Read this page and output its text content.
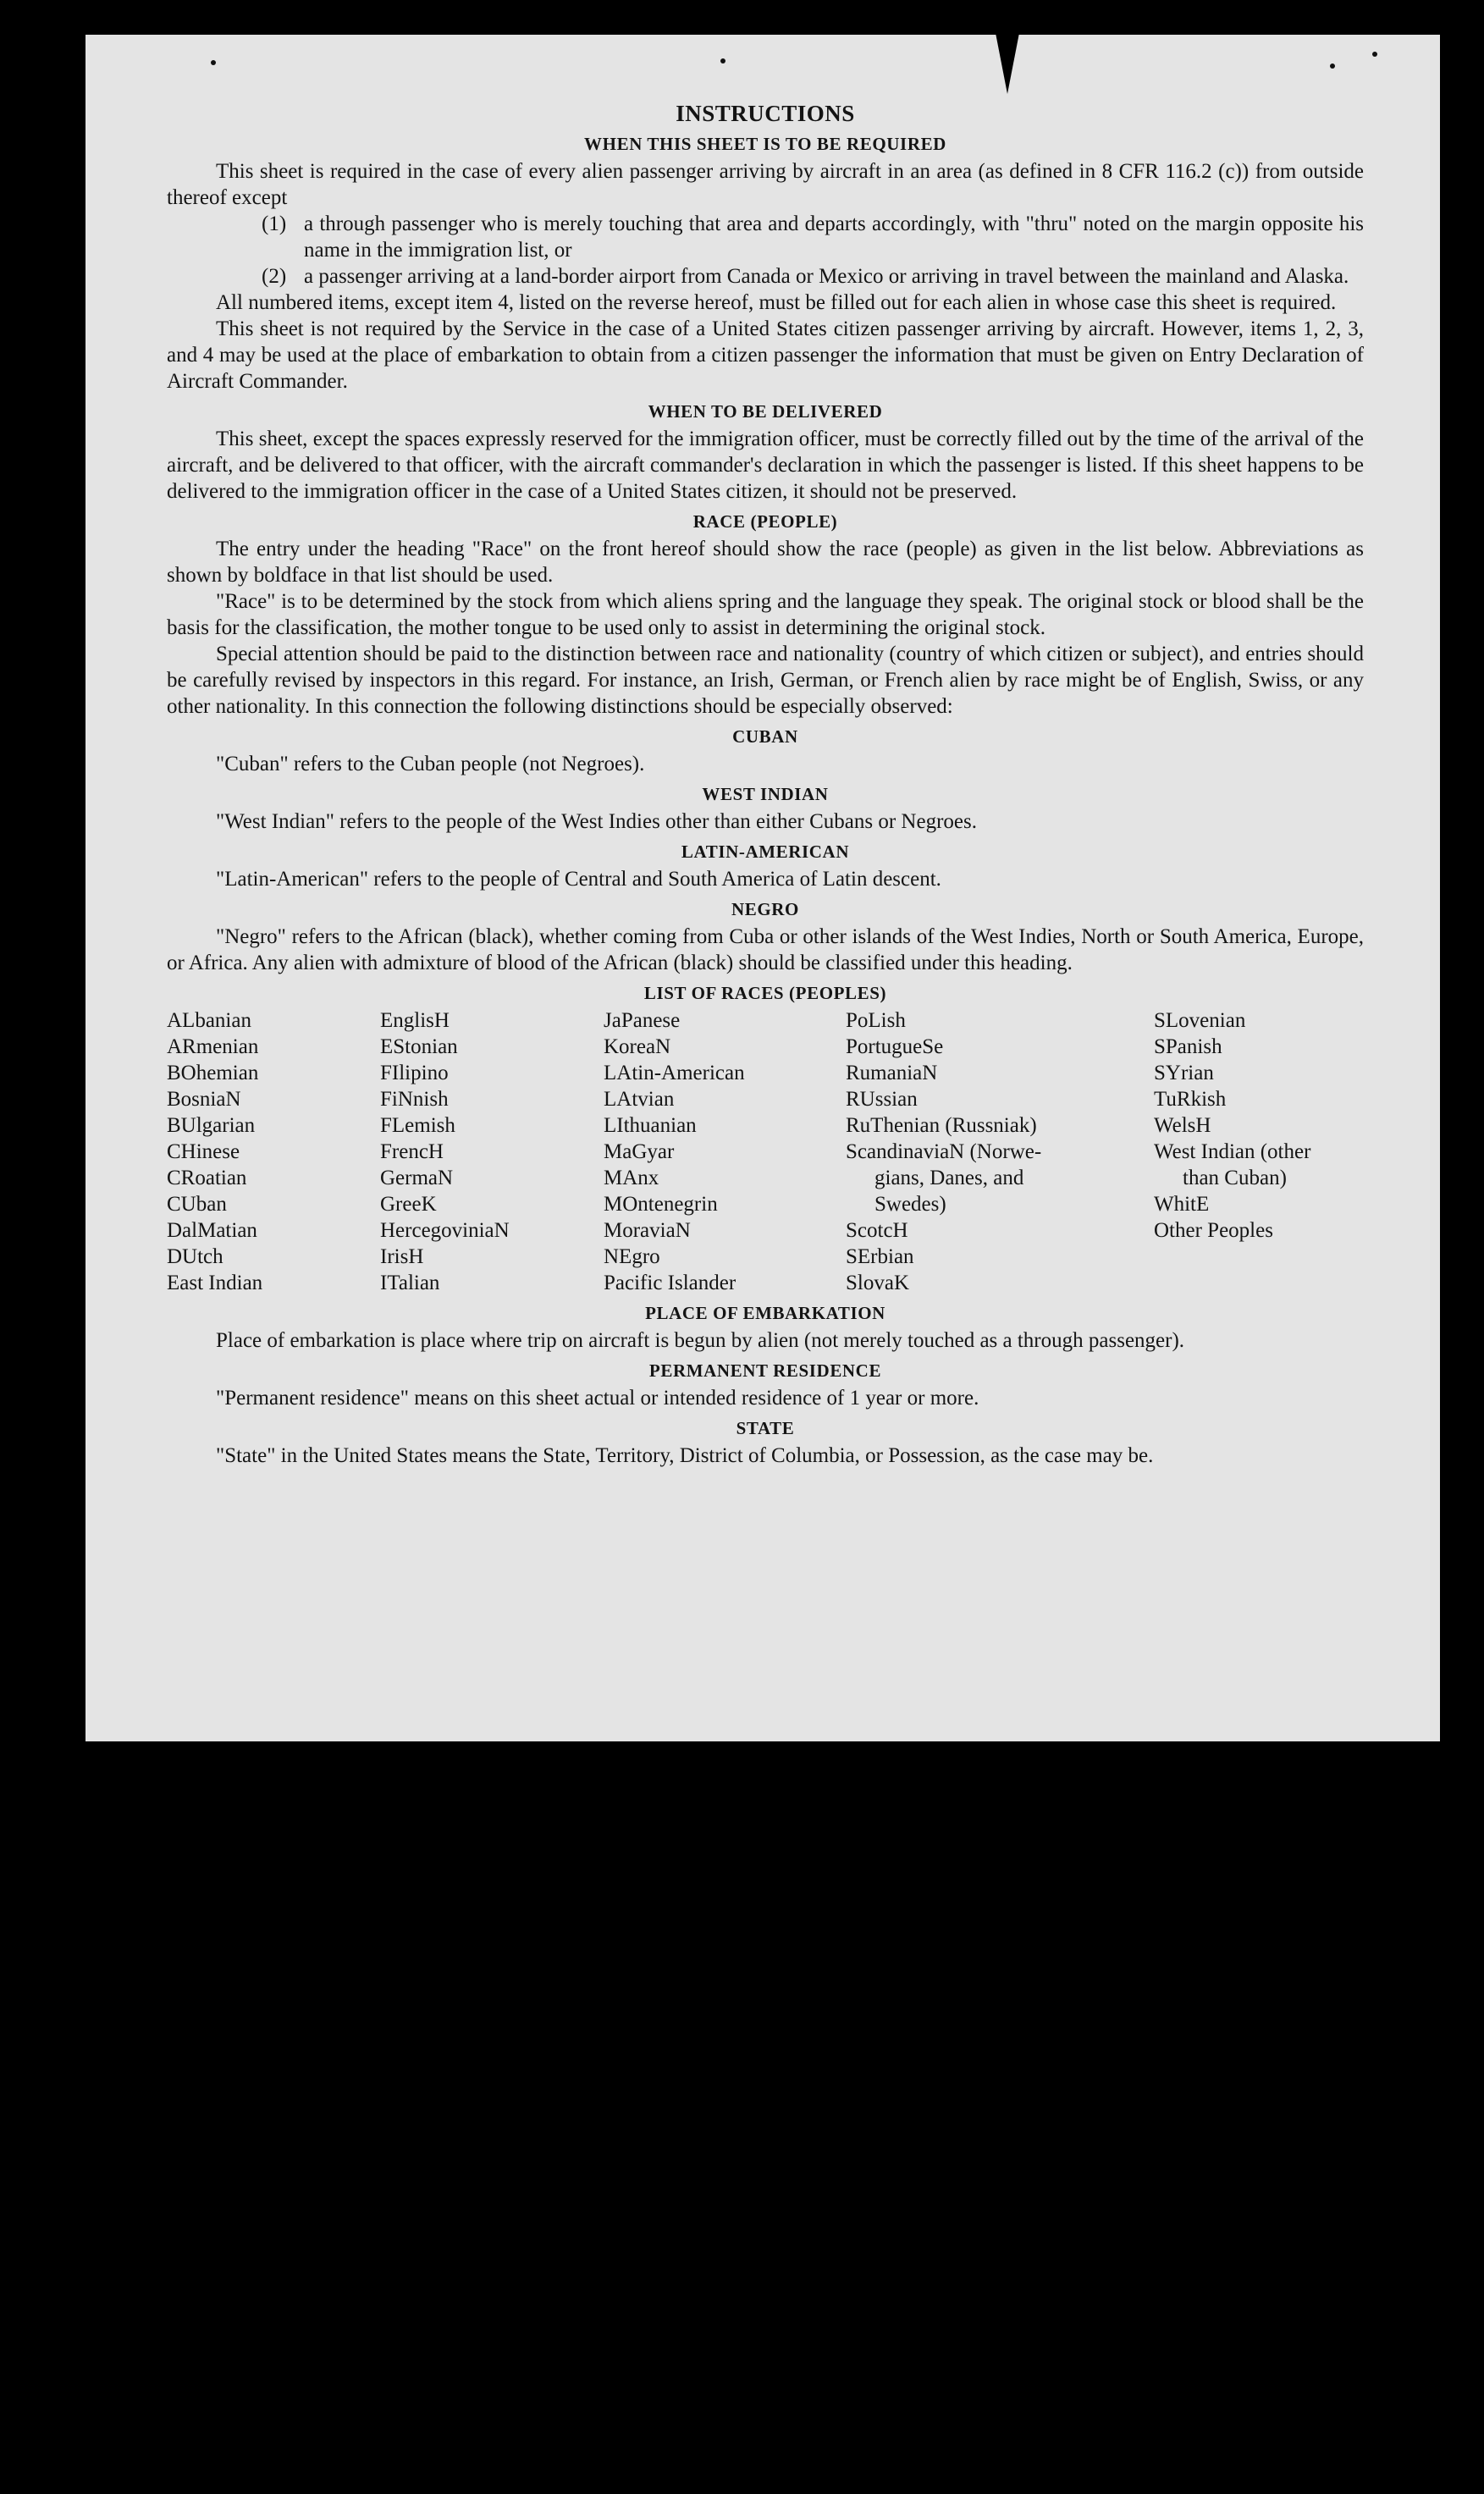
INSTRUCTIONS
WHEN THIS SHEET IS TO BE REQUIRED

This sheet is required in the case of every alien passenger arriving by aircraft in an area (as defined in 8 CFR 116.2 (c)) from outside thereof except

(1) a through passenger who is merely touching that area and departs accordingly, with "thru" noted on the margin opposite his name in the immigration list, or
(2) a passenger arriving at a land-border airport from Canada or Mexico or arriving in travel between the mainland and Alaska.

All numbered items, except item 4, listed on the reverse hereof, must be filled out for each alien in whose case this sheet is required.

This sheet is not required by the Service in the case of a United States citizen passenger arriving by aircraft. However, items 1, 2, 3, and 4 may be used at the place of embarkation to obtain from a citizen passenger the information that must be given on Entry Declaration of Aircraft Commander.

WHEN TO BE DELIVERED

This sheet, except the spaces expressly reserved for the immigration officer, must be correctly filled out by the time of the arrival of the aircraft, and be delivered to that officer, with the aircraft commander's declaration in which the passenger is listed. If this sheet happens to be delivered to the immigration officer in the case of a United States citizen, it should not be preserved.

RACE (PEOPLE)

The entry under the heading "Race" on the front hereof should show the race (people) as given in the list below. Abbreviations as shown by boldface in that list should be used.

"Race" is to be determined by the stock from which aliens spring and the language they speak. The original stock or blood shall be the basis for the classification, the mother tongue to be used only to assist in determining the original stock.

Special attention should be paid to the distinction between race and nationality (country of which citizen or subject), and entries should be carefully revised by inspectors in this regard. For instance, an Irish, German, or French alien by race might be of English, Swiss, or any other nationality. In this connection the following distinctions should be especially observed:

CUBAN

"Cuban" refers to the Cuban people (not Negroes).

WEST INDIAN

"West Indian" refers to the people of the West Indies other than either Cubans or Negroes.

LATIN-AMERICAN

"Latin-American" refers to the people of Central and South America of Latin descent.

NEGRO

"Negro" refers to the African (black), whether coming from Cuba or other islands of the West Indies, North or South America, Europe, or Africa. Any alien with admixture of blood of the African (black) should be classified under this heading.

LIST OF RACES (PEOPLES)
ALbanian
ARmenian
BOhemian
BosniaN
BUlgarian
CHinese
CRoatian
CUban
DalMatian
DUtch
East Indian
EnglisH
EStonian
FIlipino
FiNnish
FLemish
FrencH
GermaN
GreeK
HercegoviniaN
IrisH
ITalian
JaPanese
KoreaN
LAtin-American
LAtvian
LIthuanian
MaGyar
MAnx
MOntenegrin
MoraviaN
NEgro
Pacific Islander
PoLish
PortugueSe
RumaniaN
RUssian
RuThenian (Russniak)
ScandinaviaN (Norwe-
gians, Danes, and
Swedes)
ScotcH
SErbian
SlovaK
SLovenian
SPanish
SYrian
TuRkish
WelsH
West Indian (other
than Cuban)
WhitE
Other Peoples
PLACE OF EMBARKATION

Place of embarkation is place where trip on aircraft is begun by alien (not merely touched as a through passenger).

PERMANENT RESIDENCE

"Permanent residence" means on this sheet actual or intended residence of 1 year or more.

STATE

"State" in the United States means the State, Territory, District of Columbia, or Possession, as the case may be.
